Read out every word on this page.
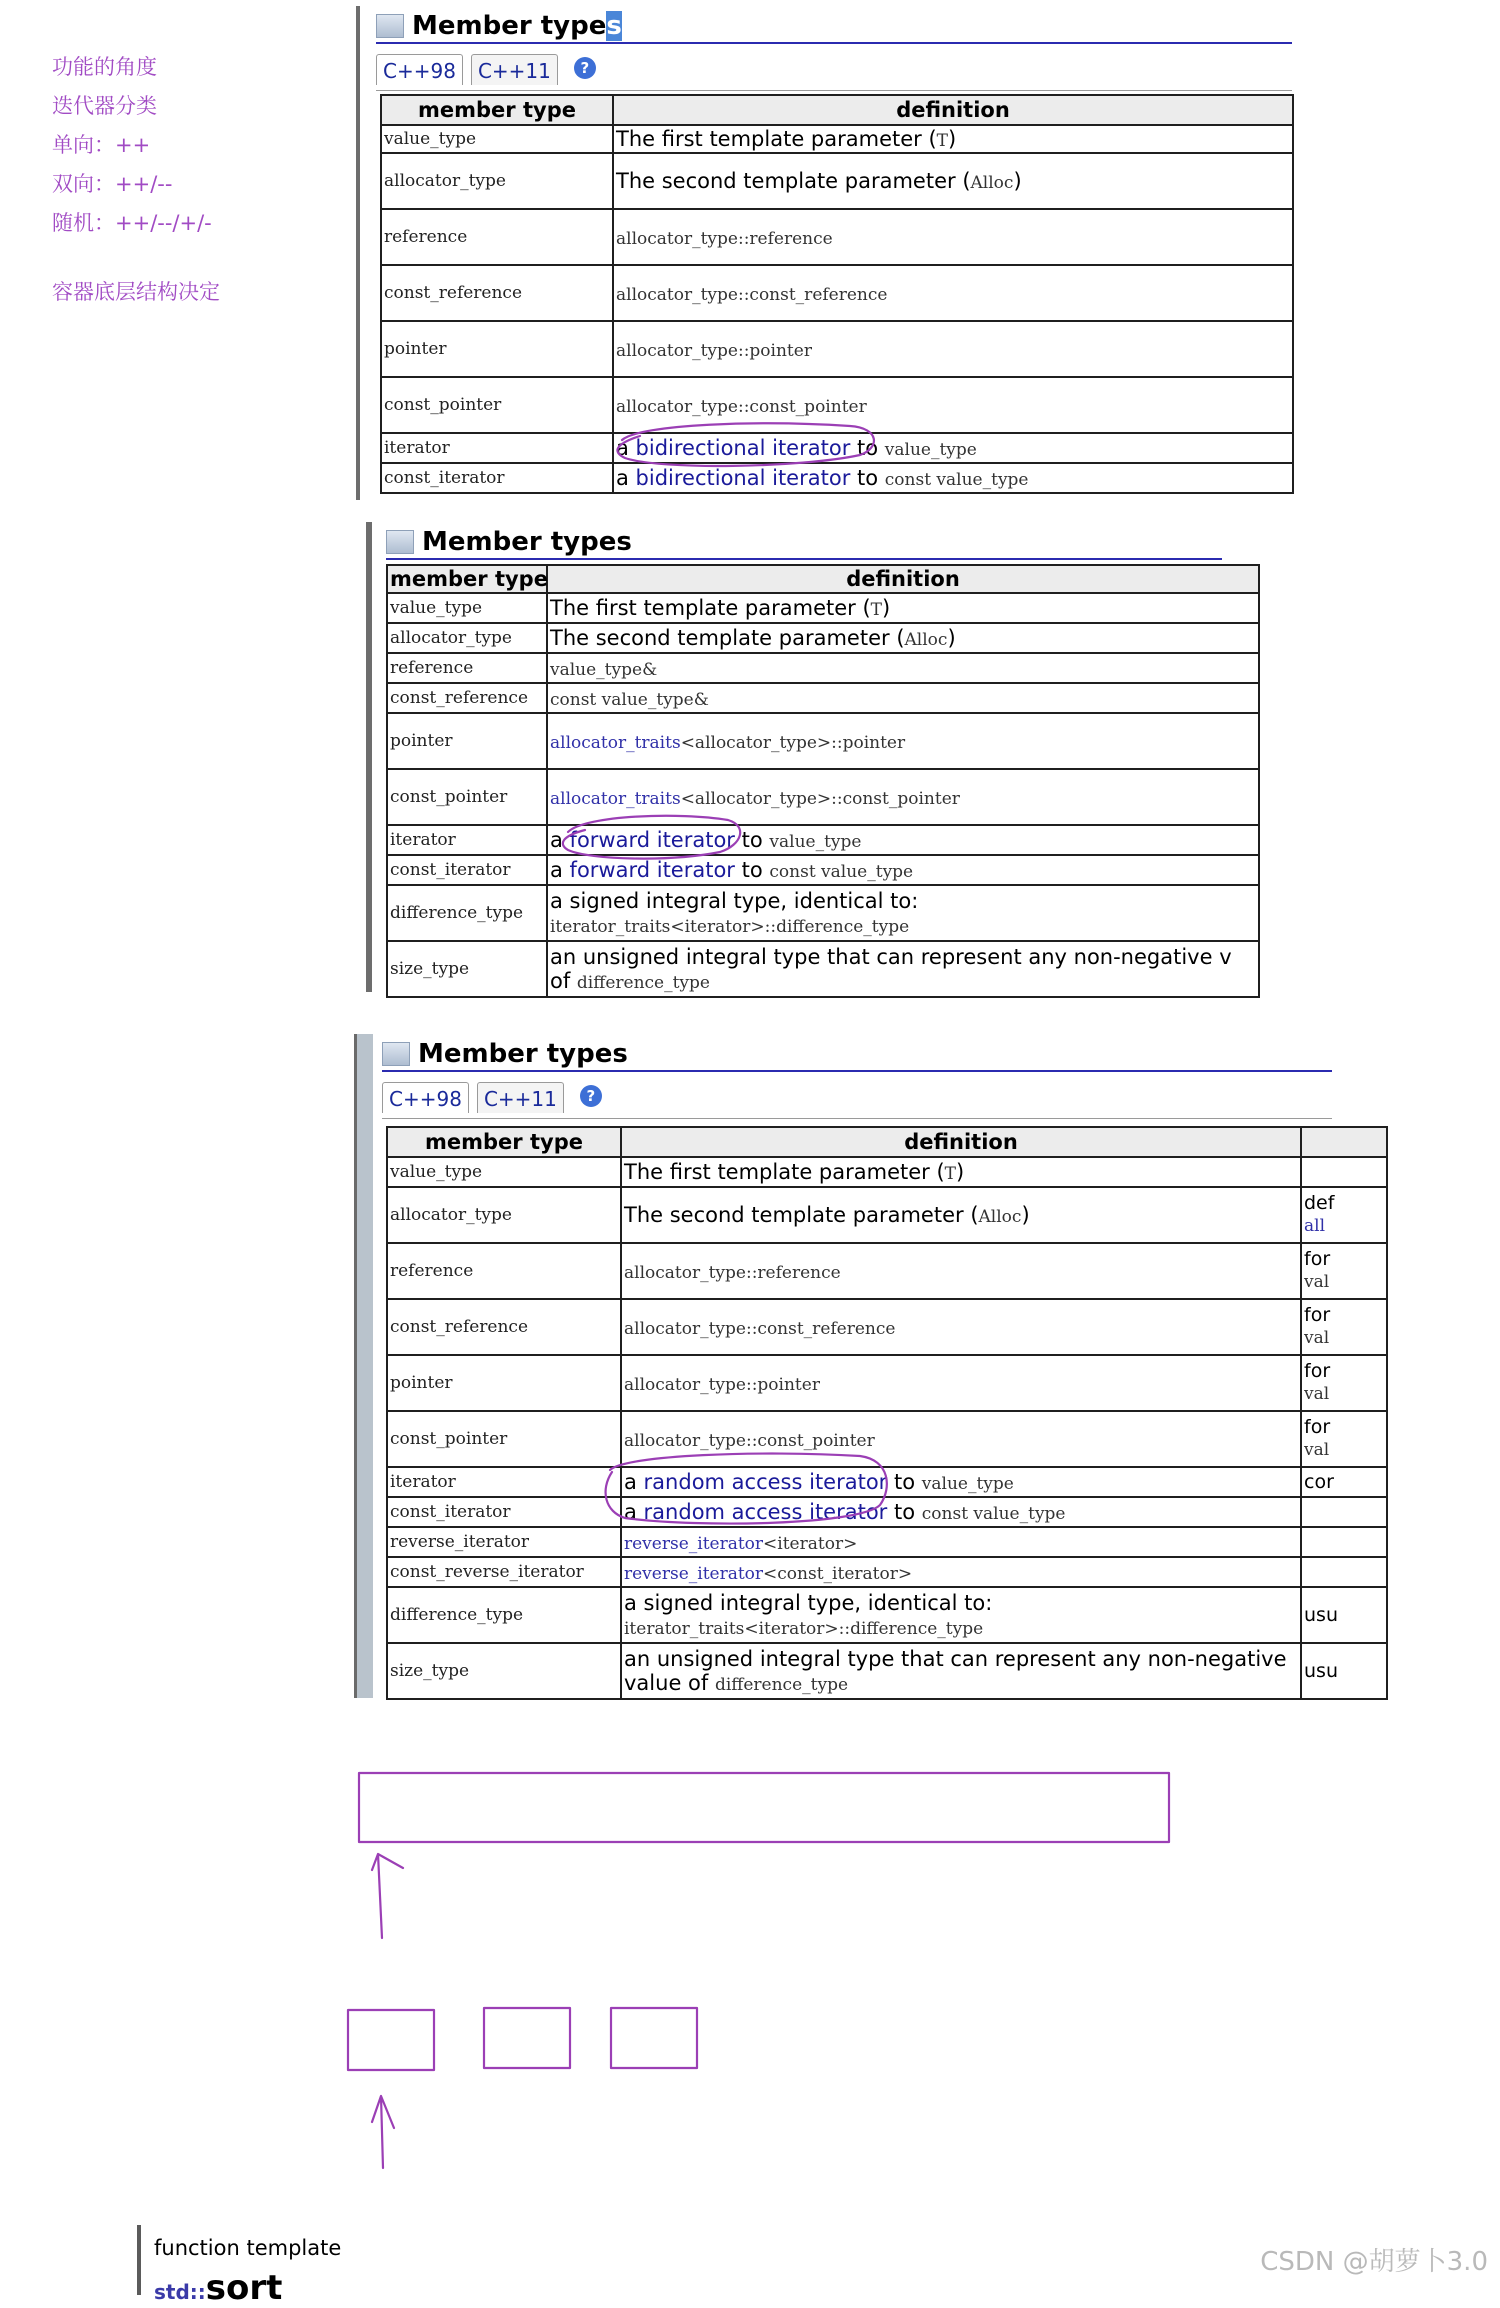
功能的角度
迭代器分类
单向：++
双向：++/--
随机：++/--/+/-
容器底层结构决定
Member types
C++98	C++11	?
member type	definition
value_type	The first template parameter (T)
allocator_type	The second template parameter (Alloc)
reference	allocator_type::reference
const_reference	allocator_type::const_reference
pointer	allocator_type::pointer
const_pointer	allocator_type::const_pointer
iterator	a bidirectional iterator to value_type
const_iterator	a bidirectional iterator to const value_type
Member types
member type	definition
value_type	The first template parameter (T)
allocator_type	The second template parameter (Alloc)
reference	value_type&
const_reference	const value_type&
pointer	allocator_traits<allocator_type>::pointer
const_pointer	allocator_traits<allocator_type>::const_pointer
iterator	a forward iterator to value_type
const_iterator	a forward iterator to const value_type
difference_type	a signed integral type, identical to:
iterator_traits<iterator>::difference_type
size_type	an unsigned integral type that can represent any non-negative v
of difference_type
Member types
C++98	C++11	?
member type	definition	
value_type	The first template parameter (T)	
allocator_type	The second template parameter (Alloc)	def
all
reference	allocator_type::reference	for
val
const_reference	allocator_type::const_reference	for
val
pointer	allocator_type::pointer	for
val
const_pointer	allocator_type::const_pointer	for
val
iterator	a random access iterator to value_type	cor
const_iterator	a random access iterator to const value_type	
reverse_iterator	reverse_iterator<iterator>	
const_reverse_iterator	reverse_iterator<const_iterator>	
difference_type	a signed integral type, identical to:
iterator_traits<iterator>::difference_type	usu
size_type	an unsigned integral type that can represent any non-negative
value of difference_type	usu
function template
std::sort
CSDN @胡萝卜3.0
